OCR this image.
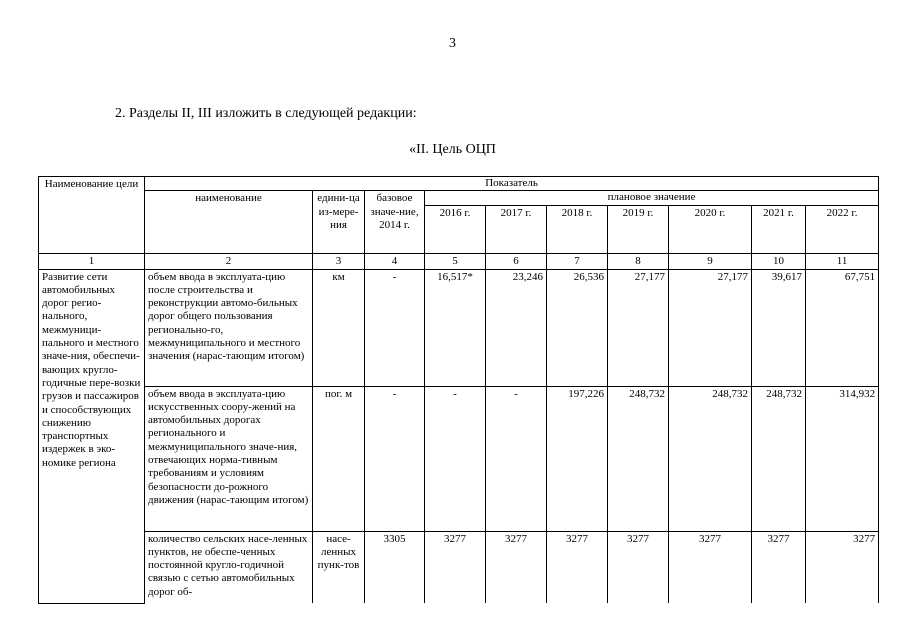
3
2. Разделы II, III изложить в следующей редакции:
«II. Цель ОЦП
Наименование цели	Показатель									
	наименование	едини-ца из-мере-ния	базовое значе-ние, 2014 г.	плановое значение						
				2016 г.	2017 г.	2018 г.	2019 г.	2020 г.	2021 г.	2022 г.
1	2	3	4	5	6	7	8	9	10	11
Развитие сети автомобильных дорог регио-нального, межмуници-пального и местного значе-ния, обеспечи-вающих кругло-годичные пере-возки грузов и пассажиров и способствующих снижению транспортных издержек в эко-номике региона	объем ввода в эксплуата-цию после строительства и реконструкции автомо-бильных дорог общего пользования регионально-го, межмуниципального и местного значения (нарас-тающим итогом)	км	-	16,517*	23,246	26,536	27,177	27,177	39,617	67,751
	объем ввода в эксплуата-цию искусственных соору-жений на автомобильных дорогах регионального и межмуниципального значе-ния, отвечающих норма-тивным требованиям и условиям безопасности до-рожного движения (нарас-тающим итогом)	пог. м	-	-	-	197,226	248,732	248,732	248,732	314,932
	количество сельских насе-ленных пунктов, не обеспе-ченных постоянной кругло-годичной связью с сетью автомобильных дорог об-	насе-ленных пунк-тов	3305	3277	3277	3277	3277	3277	3277	3277
